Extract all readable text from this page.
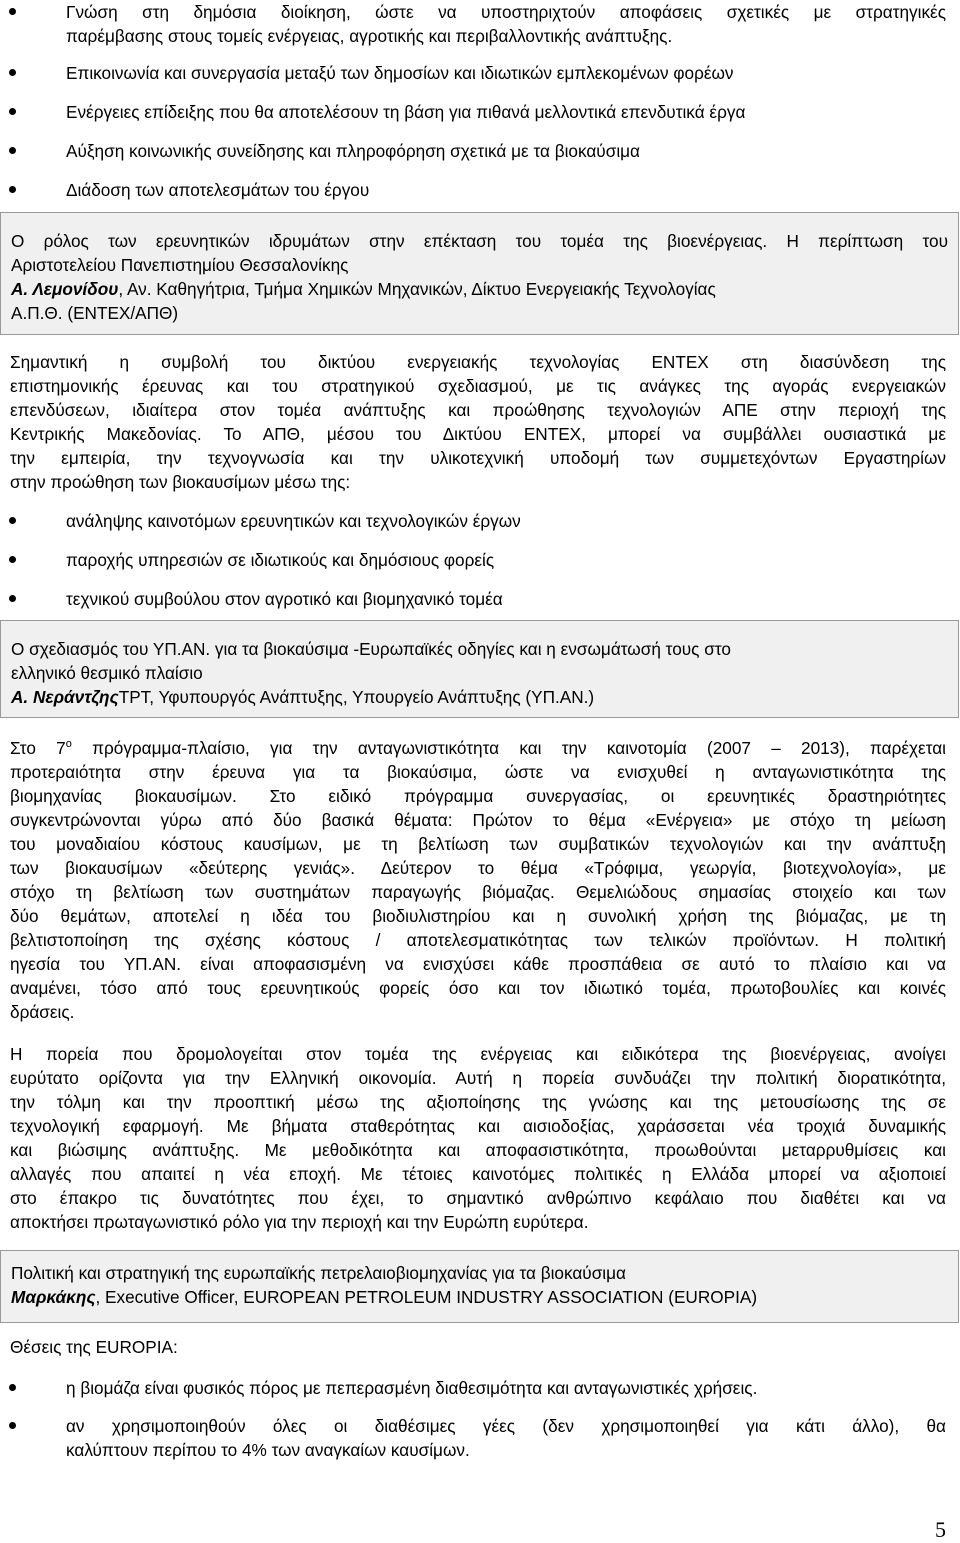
Γνώση στη δημόσια διοίκηση, ώστε να υποστηριχτούν αποφάσεις σχετικές με στρατηγικές
παρέμβασης στους τομείς ενέργειας, αγροτικής και περιβαλλοντικής ανάπτυξης.
Επικοινωνία και συνεργασία μεταξύ των δημοσίων και ιδιωτικών εμπλεκομένων φορέων
Ενέργειες επίδειξης που θα αποτελέσουν τη βάση για πιθανά μελλοντικά επενδυτικά έργα
Αύξηση κοινωνικής συνείδησης και πληροφόρηση σχετικά με τα βιοκαύσιμα
Διάδοση των αποτελεσμάτων του έργου
Ο ρόλος των ερευνητικών ιδρυμάτων στην επέκταση του τομέα της βιοενέργειας. Η περίπτωση του
Αριστοτελείου Πανεπιστημίου Θεσσαλονίκης
Α. Λεμονίδου, Αν. Καθηγήτρια, Τμήμα Χημικών Μηχανικών, Δίκτυο Ενεργειακής Τεχνολογίας
Α.Π.Θ. (ΕΝΤΕΧ/ΑΠΘ)
Σημαντική η συμβολή του δικτύου ενεργειακής τεχνολογίας ΕΝΤΕΧ στη διασύνδεση της
επιστημονικής έρευνας και του στρατηγικού σχεδιασμού, με τις ανάγκες της αγοράς ενεργειακών
επενδύσεων, ιδιαίτερα στον τομέα ανάπτυξης και προώθησης τεχνολογιών ΑΠΕ στην περιοχή της
Κεντρικής Μακεδονίας. Το ΑΠΘ, μέσου του Δικτύου ΕΝΤΕΧ, μπορεί να συμβάλλει ουσιαστικά με
την εμπειρία, την τεχνογνωσία και την υλικοτεχνική υποδομή των συμμετεχόντων Εργαστηρίων
στην προώθηση των βιοκαυσίμων μέσω της:
ανάληψης καινοτόμων ερευνητικών και τεχνολογικών έργων
παροχής υπηρεσιών σε ιδιωτικούς και δημόσιους φορείς
τεχνικού συμβούλου στον αγροτικό και βιομηχανικό τομέα
Ο σχεδιασμός του ΥΠ.ΑΝ. για τα βιοκαύσιμα -Ευρωπαϊκές οδηγίες και η ενσωμάτωσή τους στο
ελληνικό θεσμικό πλαίσιο
Α. ΝεράντζηςΤΡΤ, Υφυπουργός Ανάπτυξης, Υπουργείο Ανάπτυξης (ΥΠ.ΑΝ.)
Στο $7^o$ πρόγραμμα-πλαίσιο, για την ανταγωνιστικότητα και την καινοτομία (2007 – 2013), παρέχεται
προτεραιότητα στην έρευνα για τα βιοκαύσιμα, ώστε να ενισχυθεί η ανταγωνιστικότητα της
βιομηχανίας βιοκαυσίμων. Στο ειδικό πρόγραμμα συνεργασίας, οι ερευνητικές δραστηριότητες
συγκεντρώνονται γύρω από δύο βασικά θέματα: Πρώτον το θέμα «Ενέργεια» με στόχο τη μείωση
του μοναδιαίου κόστους καυσίμων, με τη βελτίωση των συμβατικών τεχνολογιών και την ανάπτυξη
των βιοκαυσίμων «δεύτερης γενιάς». Δεύτερον το θέμα «Τρόφιμα, γεωργία, βιοτεχνολογία», με
στόχο τη βελτίωση των συστημάτων παραγωγής βιόμαζας. Θεμελιώδους σημασίας στοιχείο και των
δύο θεμάτων, αποτελεί η ιδέα του βιοδιυλιστηρίου και η συνολική χρήση της βιόμαζας, με τη
βελτιστοποίηση της σχέσης κόστους / αποτελεσματικότητας των τελικών προϊόντων. Η πολιτική
ηγεσία του ΥΠ.ΑΝ. είναι αποφασισμένη να ενισχύσει κάθε προσπάθεια σε αυτό το πλαίσιο και να
αναμένει, τόσο από τους ερευνητικούς φορείς όσο και τον ιδιωτικό τομέα, πρωτοβουλίες και κοινές
δράσεις.
Η πορεία που δρομολογείται στον τομέα της ενέργειας και ειδικότερα της βιοενέργειας, ανοίγει
ευρύτατο ορίζοντα για την Ελληνική οικονομία. Αυτή η πορεία συνδυάζει την πολιτική διορατικότητα,
την τόλμη και την προοπτική μέσω της αξιοποίησης της γνώσης και της μετουσίωσης της σε
τεχνολογική εφαρμογή. Με βήματα σταθερότητας και αισιοδοξίας, χαράσσεται νέα τροχιά δυναμικής
και βιώσιμης ανάπτυξης. Με μεθοδικότητα και αποφασιστικότητα, προωθούνται μεταρρυθμίσεις και
αλλαγές που απαιτεί η νέα εποχή. Με τέτοιες καινοτόμες πολιτικές η Ελλάδα μπορεί να αξιοποιεί
στο έπακρο τις δυνατότητες που έχει, το σημαντικό ανθρώπινο κεφάλαιο που διαθέτει και να
αποκτήσει πρωταγωνιστικό ρόλο για την περιοχή και την Ευρώπη ευρύτερα.
Πολιτική και στρατηγική της ευρωπαϊκής πετρελαιοβιομηχανίας για τα βιοκαύσιμα
Μαρκάκης, Executive Officer, EUROPEAN PETROLEUM INDUSTRY ASSOCIATION (EUROPIA)
Θέσεις της EUROPIA:
η βιομάζα είναι φυσικός πόρος με πεπερασμένη διαθεσιμότητα και ανταγωνιστικές χρήσεις.
αν χρησιμοποιηθούν όλες οι διαθέσιμες γέες (δεν χρησιμοποιηθεί για κάτι άλλο), θα
καλύπτουν περίπου το 4% των αναγκαίων καυσίμων.
5
